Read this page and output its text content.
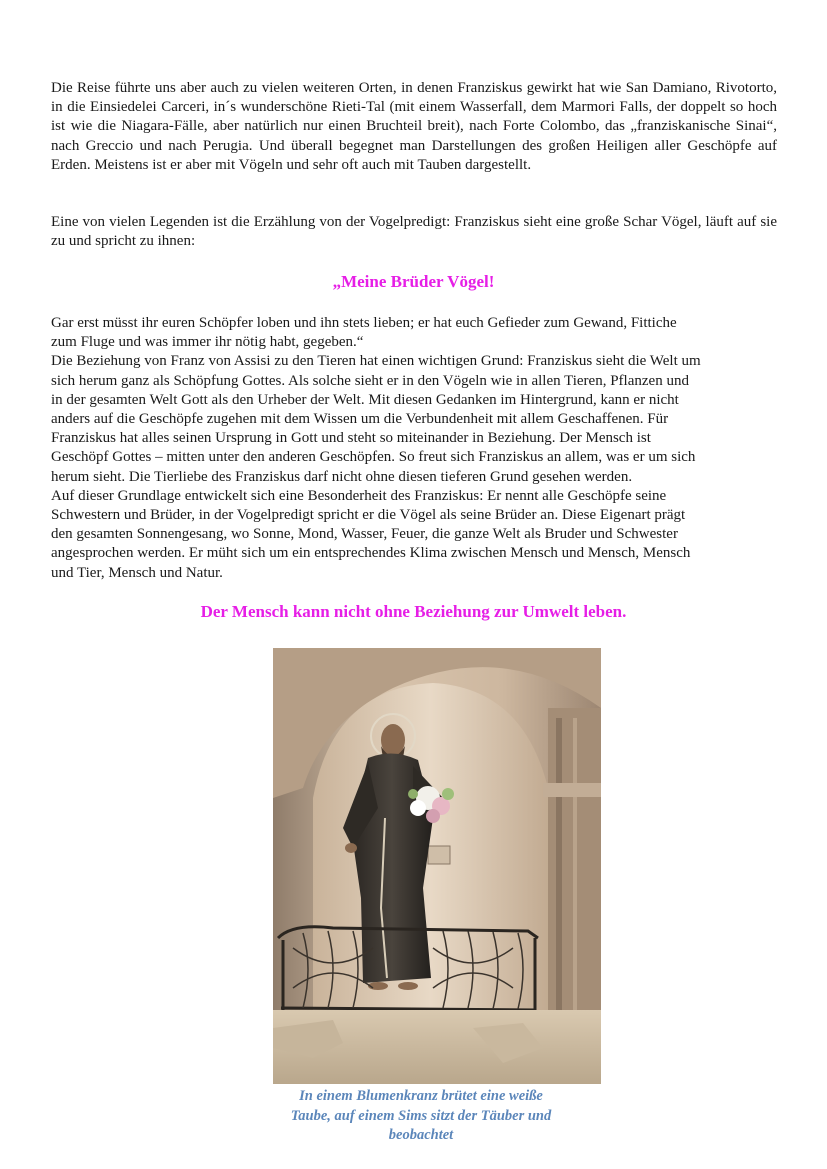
Die Reise führte uns aber auch zu vielen weiteren Orten, in denen Franziskus gewirkt hat wie San Damiano, Rivotorto, in die Einsiedelei Carceri, in´s wunderschöne Rieti-Tal (mit einem Wasserfall, dem Marmori Falls, der doppelt so hoch ist wie die Niagara-Fälle, aber natürlich nur einen Bruchteil breit), nach Forte Colombo, das „franziskanische Sinai“, nach Greccio und nach Perugia. Und überall begegnet man Darstellungen des großen Heiligen aller Geschöpfe auf Erden. Meistens ist er aber mit Vögeln und sehr oft auch mit Tauben dargestellt.

Eine von vielen Legenden ist die Erzählung von der Vogelpredigt: Franziskus sieht eine große Schar Vögel, läuft auf sie zu und spricht zu ihnen:

„Meine Brüder Vögel!

Gar erst müsst ihr euren Schöpfer loben und ihn stets lieben; er hat euch Gefieder zum Gewand, Fittiche
zum Fluge und was immer ihr nötig habt, gegeben.“
Die Beziehung von Franz von Assisi zu den Tieren hat einen wichtigen Grund: Franziskus sieht die Welt um
sich herum ganz als Schöpfung Gottes. Als solche sieht er in den Vögeln wie in allen Tieren, Pflanzen und
in der gesamten Welt Gott als den Urheber der Welt. Mit diesen Gedanken im Hintergrund, kann er nicht
anders auf die Geschöpfe zugehen mit dem Wissen um die Verbundenheit mit allem Geschaffenen. Für
Franziskus hat alles seinen Ursprung in Gott und steht so miteinander in Beziehung. Der Mensch ist
Geschöpf Gottes – mitten unter den anderen Geschöpfen. So freut sich Franziskus an allem, was er um sich
herum sieht. Die Tierliebe des Franziskus darf nicht ohne diesen tieferen Grund gesehen werden.
Auf dieser Grundlage entwickelt sich eine Besonderheit des Franziskus: Er nennt alle Geschöpfe seine
Schwestern und Brüder, in der Vogelpredigt spricht er die Vögel als seine Brüder an. Diese Eigenart prägt
den gesamten Sonnengesang, wo Sonne, Mond, Wasser, Feuer, die ganze Welt als Bruder und Schwester
angesprochen werden. Er müht sich um ein entsprechendes Klima zwischen Mensch und Mensch, Mensch
und Tier, Mensch und Natur.

Der Mensch kann nicht ohne Beziehung zur Umwelt leben.

In einem Blumenkranz brütet eine weiße
Taube, auf einem Sims sitzt der Täuber und
beobachtet
